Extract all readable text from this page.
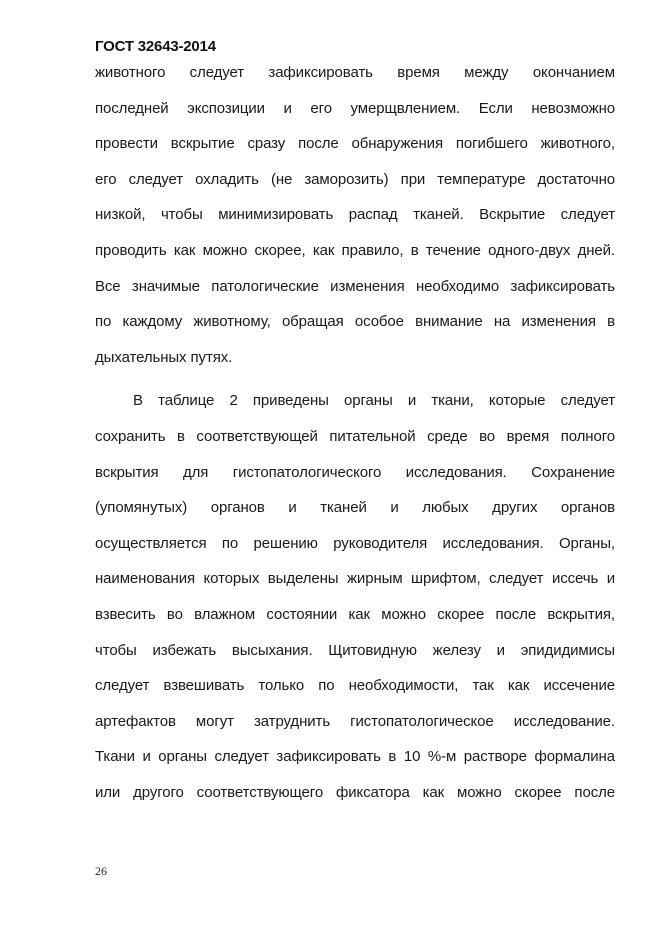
ГОСТ 32643-2014
животного следует зафиксировать время между окончанием
последней экспозиции и его умерщвлением. Если невозможно
провести вскрытие сразу после обнаружения погибшего животного,
его следует охладить (не заморозить) при температуре достаточно
низкой, чтобы минимизировать распад тканей. Вскрытие следует
проводить как можно скорее, как правило, в течение одного-двух дней.
Все значимые патологические изменения необходимо зафиксировать
по каждому животному, обращая особое внимание на изменения в
дыхательных путях.
В таблице 2 приведены органы и ткани, которые следует
сохранить в соответствующей питательной среде во время полного
вскрытия для гистопатологического исследования. Сохранение
(упомянутых) органов и тканей и любых других органов
осуществляется по решению руководителя исследования. Органы,
наименования которых выделены жирным шрифтом, следует иссечь и
взвесить во влажном состоянии как можно скорее после вскрытия,
чтобы избежать высыхания. Щитовидную железу и эпидидимисы
следует взвешивать только по необходимости, так как иссечение
артефактов могут затруднить гистопатологическое исследование.
Ткани и органы следует зафиксировать в 10 %-м растворе формалина
или другого соответствующего фиксатора как можно скорее после
26
